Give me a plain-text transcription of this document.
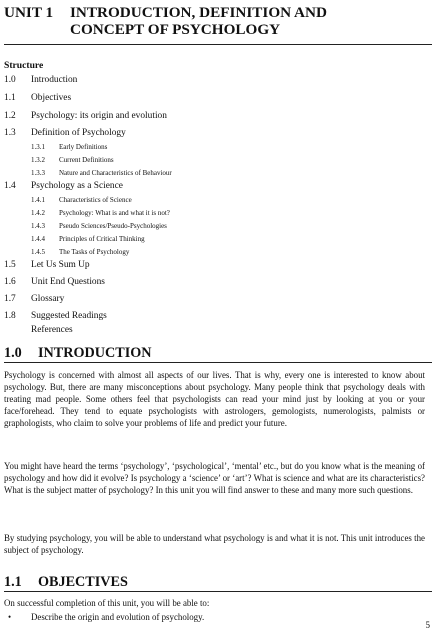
UNIT 1 INTRODUCTION, DEFINITION AND
CONCEPT OF PSYCHOLOGY
Structure
1.0 Introduction
1.1 Objectives
1.2 Psychology: its origin and evolution
1.3 Definition of Psychology
1.3.1 Early Definitions
1.3.2 Current Definitions
1.3.3 Nature and Characteristics of Behaviour
1.4 Psychology as a Science
1.4.1 Characteristics of Science
1.4.2 Psychology: What is and what it is not?
1.4.3 Pseudo Sciences/Pseudo-Psychologies
1.4.4 Principles of Critical Thinking
1.4.5 The Tasks of Psychology
1.5 Let Us Sum Up
1.6 Unit End Questions
1.7 Glossary
1.8 Suggested Readings
References
1.0 INTRODUCTION

Psychology is concerned with almost all aspects of our lives. That is why, every one is interested to know about psychology. But, there are many misconceptions about psychology. Many people think that psychology deals with treating mad people. Some others feel that psychologists can read your mind just by looking at you or your face/forehead. They tend to equate psychologists with astrologers, gemologists, numerologists, palmists or graphologists, who claim to solve your problems of life and predict your future.

You might have heard the terms ‘psychology’, ‘psychological’, ‘mental’ etc., but do you know what is the meaning of psychology and how did it evolve? Is psychology a ‘science’ or ‘art’? What is science and what are its characteristics? What is the subject matter of psychology? In this unit you will find answer to these and many more such questions.

By studying psychology, you will be able to understand what psychology is and what it is not. This unit introduces the subject of psychology.

1.1 OBJECTIVES

On successful completion of this unit, you will be able to:

• Describe the origin and evolution of psychology.
5
